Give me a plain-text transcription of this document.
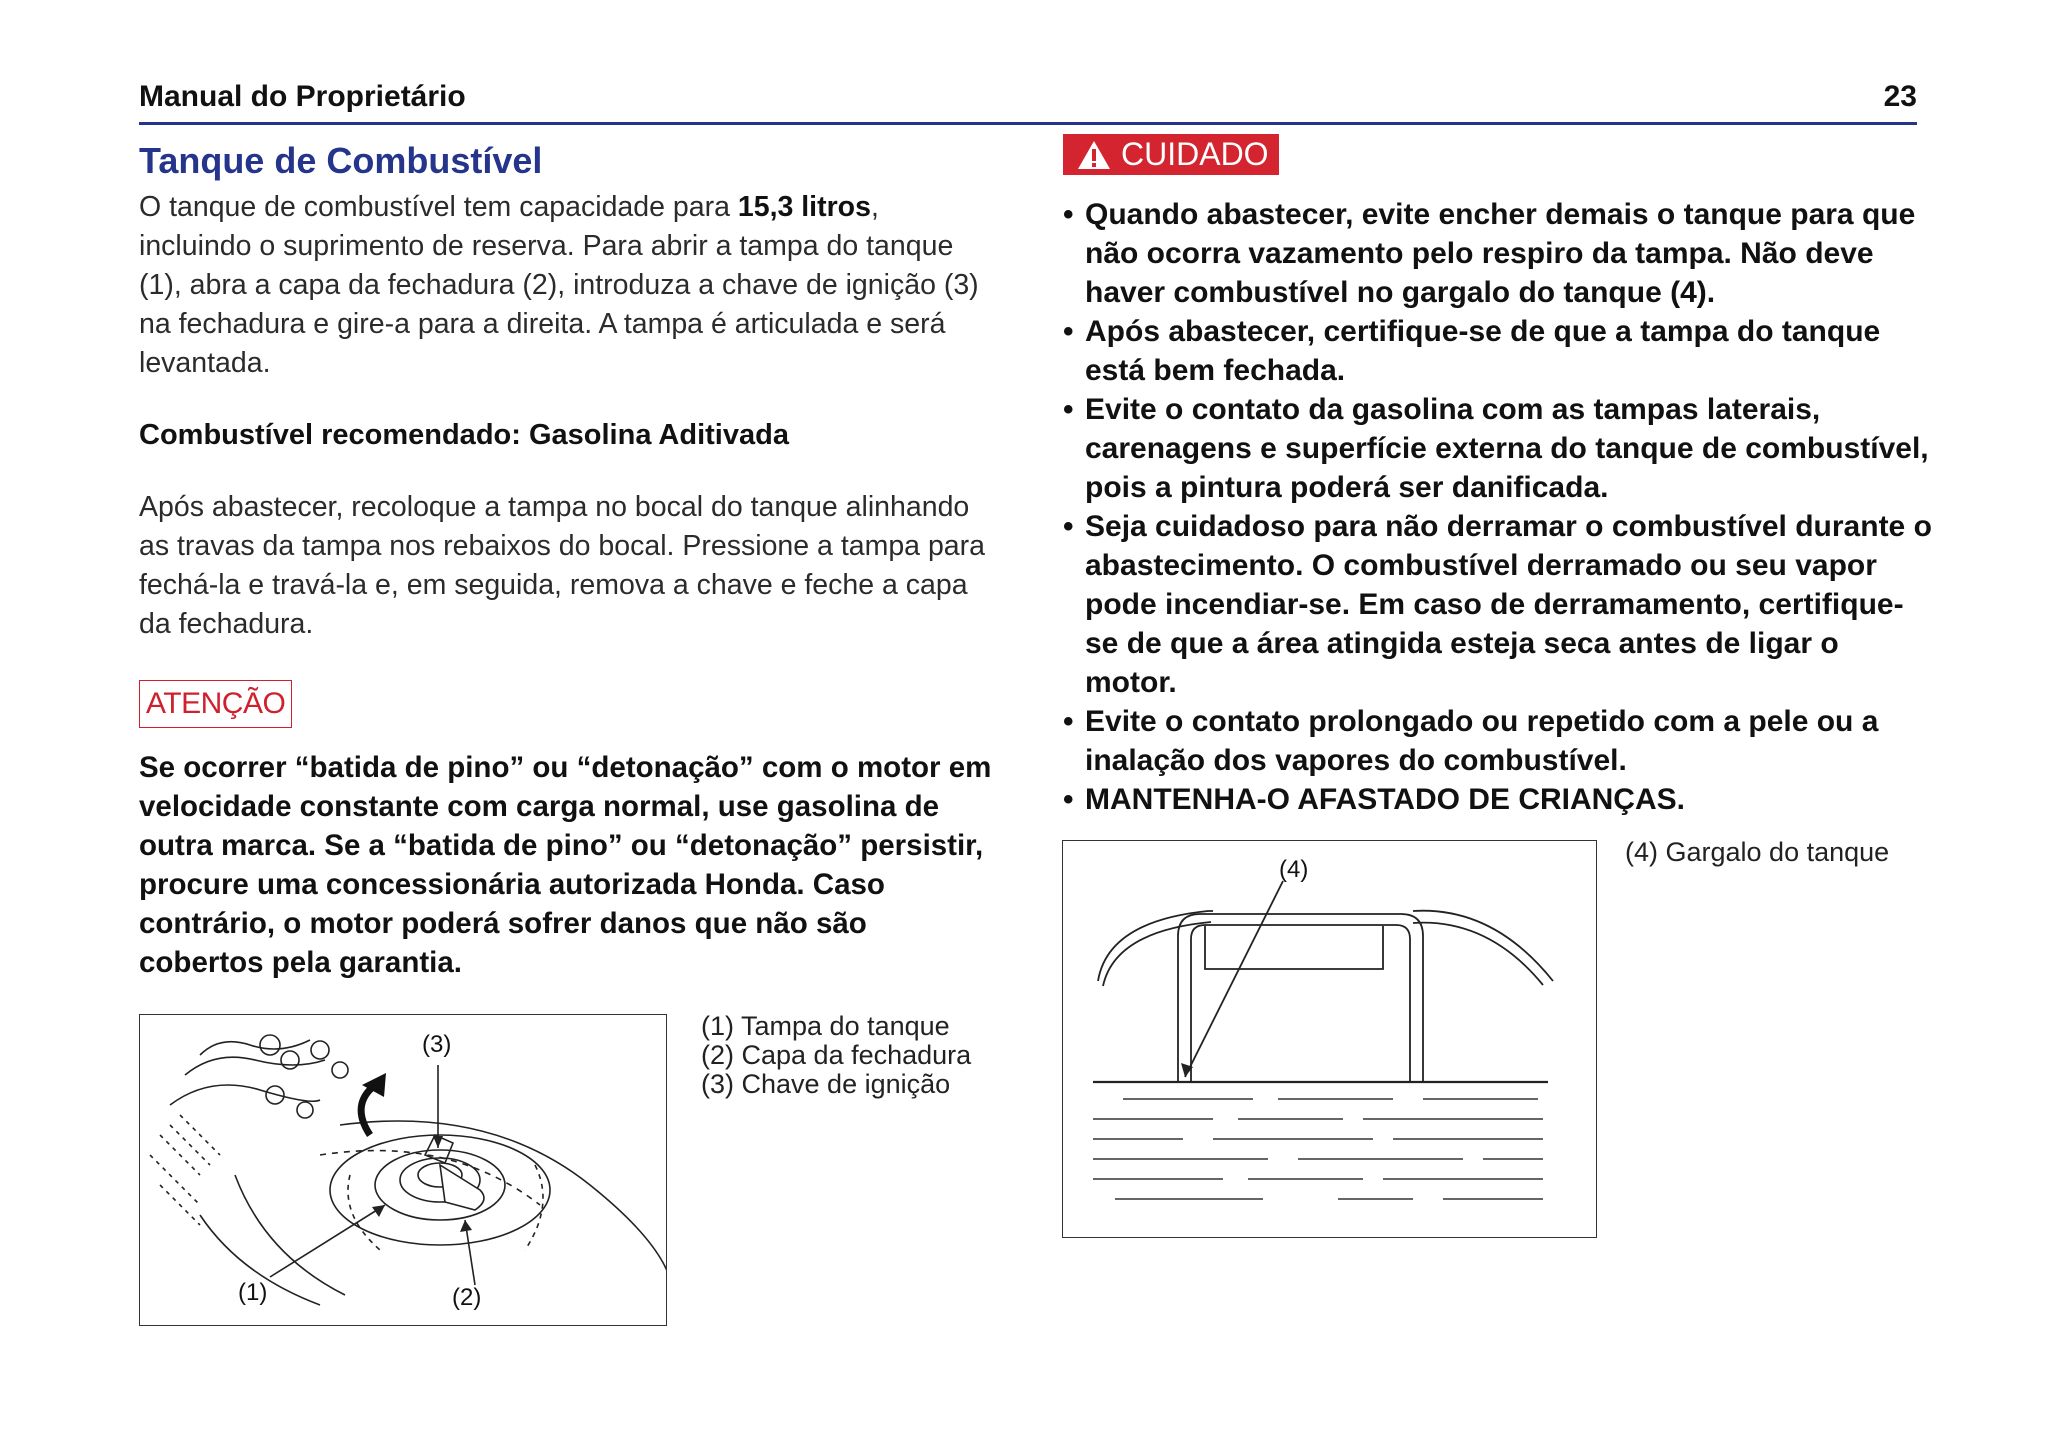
Manual do Proprietário	23
Tanque de Combustível

O tanque de combustível tem capacidade para 15,3 litros, incluindo o suprimento de reserva. Para abrir a tampa do tanque (1), abra a capa da fechadura (2), introduza a chave de ignição (3) na fechadura e gire-a para a direita. A tampa é articulada e será levantada.

Combustível recomendado: Gasolina Aditivada

Após abastecer, recoloque a tampa no bocal do tanque alinhando as travas da tampa nos rebaixos do bocal. Pressione a tampa para fechá-la e travá-la e, em seguida, remova a chave e feche a capa da fechadura.

ATENÇÃO

Se ocorrer “batida de pino” ou “detonação” com o motor em velocidade constante com carga normal, use gasolina de outra marca. Se a “batida de pino” ou “detonação” persistir, procure uma concessionária autorizada Honda. Caso contrário, o motor poderá sofrer danos que não são cobertos pela garantia.

(3)
(1)	(2)
(1) Tampa do tanque
(2) Capa da fechadura
(3) Chave de ignição
CUIDADO
• Quando abastecer, evite encher demais o tanque para que não ocorra vazamento pelo respiro da tampa. Não deve haver combustível no gargalo do tanque (4).
• Após abastecer, certifique-se de que a tampa do tanque está bem fechada.
• Evite o contato da gasolina com as tampas laterais, carenagens e superfície externa do tanque de combustível, pois a pintura poderá ser danificada.
• Seja cuidadoso para não derramar o combustível durante o abastecimento. O combustível derramado ou seu vapor pode incendiar-se. Em caso de derramamento, certifique-se de que a área atingida esteja seca antes de ligar o motor.
• Evite o contato prolongado ou repetido com a pele ou a inalação dos vapores do combustível.
• MANTENHA-O AFASTADO DE CRIANÇAS.
(4)
(4) Gargalo do tanque
